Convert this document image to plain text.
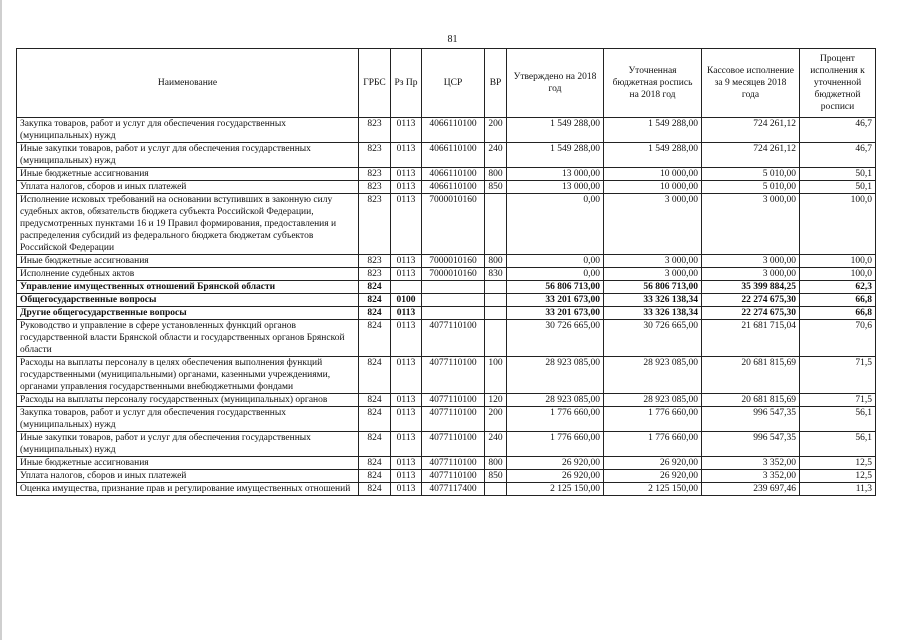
81
Наименование	ГРБС	Рз Пр	ЦСР	ВР	Утверждено на 2018 год	Уточненная бюджетная роспись на 2018 год	Кассовое исполнение за 9 месяцев 2018 года	Процент исполнения к уточненной бюджетной росписи
Закупка товаров, работ и услуг для обеспечения государственных (муниципальных) нужд	823	0113	4066110100	200	1 549 288,00	1 549 288,00	724 261,12	46,7
Иные закупки товаров, работ и услуг для обеспечения государственных (муниципальных) нужд	823	0113	4066110100	240	1 549 288,00	1 549 288,00	724 261,12	46,7
Иные бюджетные ассигнования	823	0113	4066110100	800	13 000,00	10 000,00	5 010,00	50,1
Уплата налогов, сборов и иных платежей	823	0113	4066110100	850	13 000,00	10 000,00	5 010,00	50,1
Исполнение исковых требований на основании вступивших в законную силу судебных актов, обязательств бюджета субъекта Российской Федерации, предусмотренных пунктами 16 и 19 Правил формирования, предоставления и распределения субсидий из федерального бюджета бюджетам субъектов Российской Федерации	823	0113	7000010160		0,00	3 000,00	3 000,00	100,0
Иные бюджетные ассигнования	823	0113	7000010160	800	0,00	3 000,00	3 000,00	100,0
Исполнение судебных актов	823	0113	7000010160	830	0,00	3 000,00	3 000,00	100,0
Управление имущественных отношений Брянской области	824				56 806 713,00	56 806 713,00	35 399 884,25	62,3
Общегосударственные вопросы	824	0100			33 201 673,00	33 326 138,34	22 274 675,30	66,8
Другие общегосударственные вопросы	824	0113			33 201 673,00	33 326 138,34	22 274 675,30	66,8
Руководство и управление в сфере установленных функций органов государственной власти Брянской области и государственных органов Брянской области	824	0113	4077110100		30 726 665,00	30 726 665,00	21 681 715,04	70,6
Расходы на выплаты персоналу в целях обеспечения выполнения функций государственными (муниципальными) органами, казенными учреждениями, органами управления государственными внебюджетными фондами	824	0113	4077110100	100	28 923 085,00	28 923 085,00	20 681 815,69	71,5
Расходы на выплаты персоналу государственных (муниципальных) органов	824	0113	4077110100	120	28 923 085,00	28 923 085,00	20 681 815,69	71,5
Закупка товаров, работ и услуг для обеспечения государственных (муниципальных) нужд	824	0113	4077110100	200	1 776 660,00	1 776 660,00	996 547,35	56,1
Иные закупки товаров, работ и услуг для обеспечения государственных (муниципальных) нужд	824	0113	4077110100	240	1 776 660,00	1 776 660,00	996 547,35	56,1
Иные бюджетные ассигнования	824	0113	4077110100	800	26 920,00	26 920,00	3 352,00	12,5
Уплата налогов, сборов и иных платежей	824	0113	4077110100	850	26 920,00	26 920,00	3 352,00	12,5
Оценка имущества, признание прав и регулирование имущественных отношений	824	0113	4077117400		2 125 150,00	2 125 150,00	239 697,46	11,3
